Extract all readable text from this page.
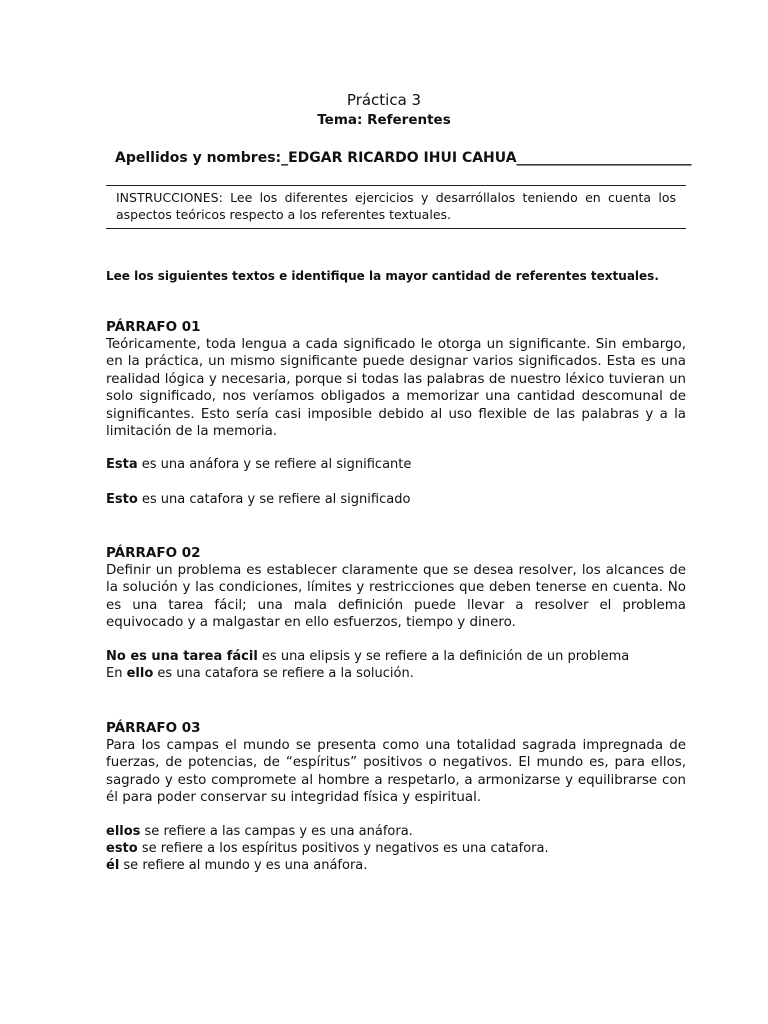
Práctica 3
Tema: Referentes
Apellidos y nombres:_EDGAR RICARDO IHUI CAHUA_________________________

INSTRUCCIONES: Lee los diferentes ejercicios y desarróllalos teniendo en cuenta los aspectos teóricos respecto a los referentes textuales.

Lee los siguientes textos e identifique la mayor cantidad de referentes textuales.

PÁRRAFO 01

Teóricamente, toda lengua a cada significado le otorga un significante. Sin embargo, en la práctica, un mismo significante puede designar varios significados. Esta es una realidad lógica y necesaria, porque si todas las palabras de nuestro léxico tuvieran un solo significado, nos veríamos obligados a memorizar una cantidad descomunal de significantes. Esto sería casi imposible debido al uso flexible de las palabras y a la limitación de la memoria.

Esta es una anáfora y se refiere al significante

Esto es una catafora y se refiere al significado

PÁRRAFO 02

Definir un problema es establecer claramente que se desea resolver, los alcances de la solución y las condiciones, límites y restricciones que deben tenerse en cuenta. No es una tarea fácil; una mala definición puede llevar a resolver el problema equivocado y a malgastar en ello esfuerzos, tiempo y dinero.

No es una tarea fácil es una elipsis y se refiere a la definición de un problema

En ello es una catafora se refiere a la solución.

PÁRRAFO 03

Para los campas el mundo se presenta como una totalidad sagrada impregnada de fuerzas, de potencias, de “espíritus” positivos o negativos. El mundo es, para ellos, sagrado y esto compromete al hombre a respetarlo, a armonizarse y equilibrarse con él para poder conservar su integridad física y espiritual.

ellos se refiere a las campas y es una anáfora.

esto se refiere a los espíritus positivos y negativos es una catafora.

él se refiere al mundo y es una anáfora.
